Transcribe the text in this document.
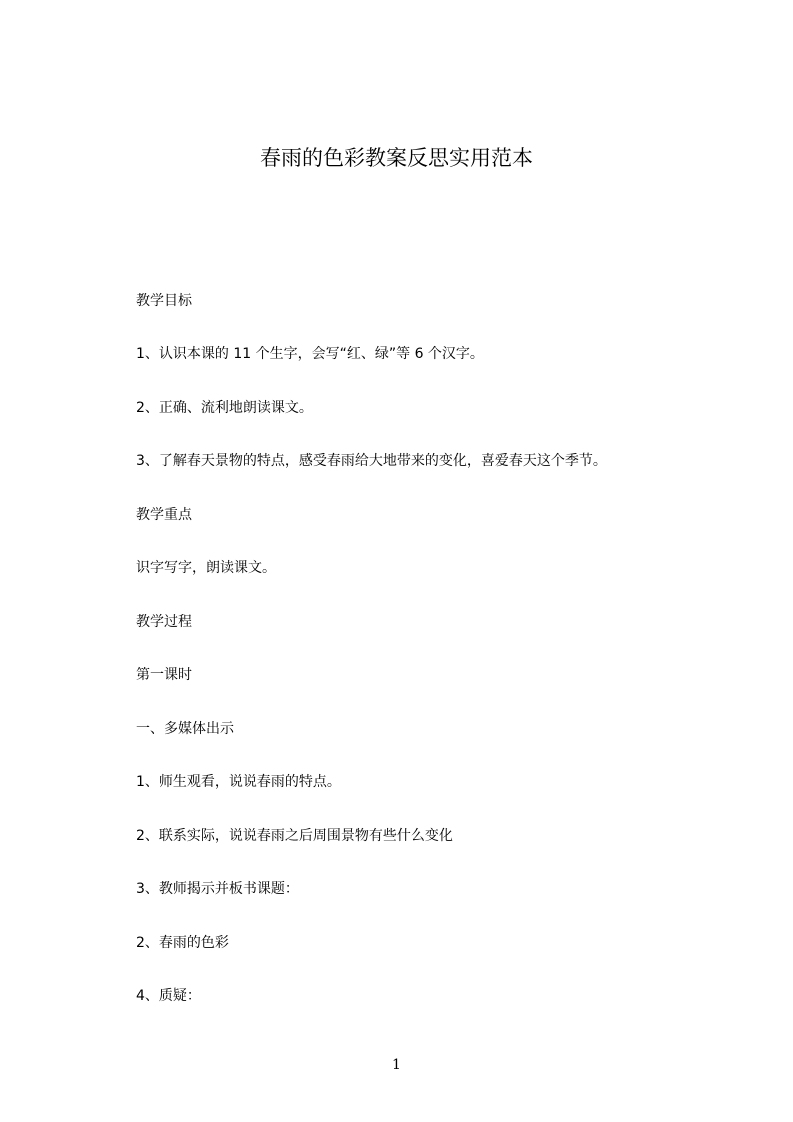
春雨的色彩教案反思实用范本
教学目标
1、认识本课的 11 个生字，会写“红、绿”等 6 个汉字。
2、正确、流利地朗读课文。
3、了解春天景物的特点，感受春雨给大地带来的变化，喜爱春天这个季节。
教学重点
识字写字，朗读课文。
教学过程
第一课时
一、多媒体出示
1、师生观看，说说春雨的特点。
2、联系实际，说说春雨之后周围景物有些什么变化
3、教师揭示并板书课题：
2、春雨的色彩
4、质疑：
1
